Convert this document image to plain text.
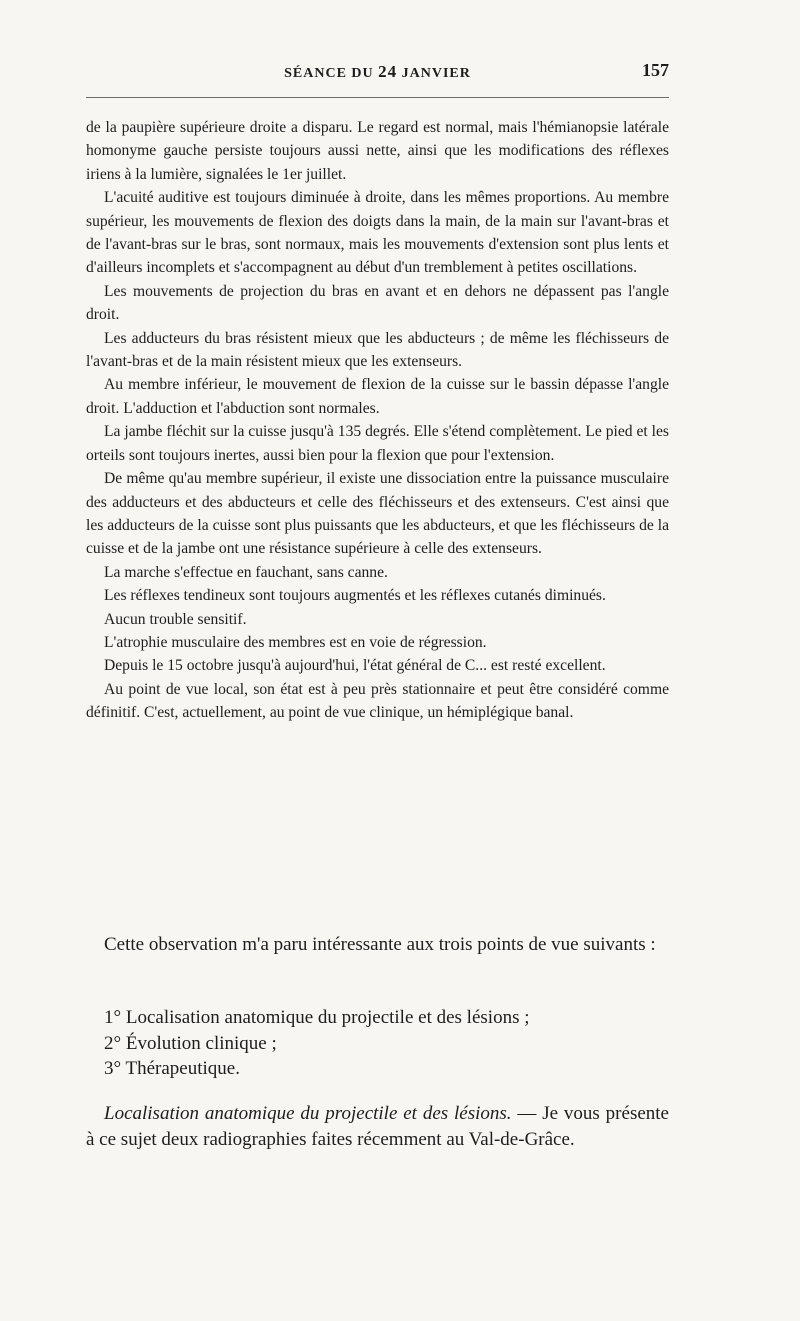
SÉANCE DU 24 JANVIER	157

de la paupière supérieure droite a disparu. Le regard est normal, mais l'hémianopsie latérale homonyme gauche persiste toujours aussi nette, ainsi que les modifications des réflexes iriens à la lumière, signalées le 1er juillet.

L'acuité auditive est toujours diminuée à droite, dans les mêmes proportions. Au membre supérieur, les mouvements de flexion des doigts dans la main, de la main sur l'avant-bras et de l'avant-bras sur le bras, sont normaux, mais les mouvements d'extension sont plus lents et d'ailleurs incomplets et s'accompagnent au début d'un tremblement à petites oscillations.

Les mouvements de projection du bras en avant et en dehors ne dépassent pas l'angle droit.

Les adducteurs du bras résistent mieux que les abducteurs ; de même les fléchisseurs de l'avant-bras et de la main résistent mieux que les extenseurs.

Au membre inférieur, le mouvement de flexion de la cuisse sur le bassin dépasse l'angle droit. L'adduction et l'abduction sont normales.

La jambe fléchit sur la cuisse jusqu'à 135 degrés. Elle s'étend complètement. Le pied et les orteils sont toujours inertes, aussi bien pour la flexion que pour l'extension.

De même qu'au membre supérieur, il existe une dissociation entre la puissance musculaire des adducteurs et des abducteurs et celle des fléchisseurs et des extenseurs. C'est ainsi que les adducteurs de la cuisse sont plus puissants que les abducteurs, et que les fléchisseurs de la cuisse et de la jambe ont une résistance supérieure à celle des extenseurs.

La marche s'effectue en fauchant, sans canne.

Les réflexes tendineux sont toujours augmentés et les réflexes cutanés diminués.

Aucun trouble sensitif.

L'atrophie musculaire des membres est en voie de régression.

Depuis le 15 octobre jusqu'à aujourd'hui, l'état général de C... est resté excellent.

Au point de vue local, son état est à peu près stationnaire et peut être considéré comme définitif. C'est, actuellement, au point de vue clinique, un hémiplégique banal.

Cette observation m'a paru intéressante aux trois points de vue suivants :

1° Localisation anatomique du projectile et des lésions ;

2° Évolution clinique ;

3° Thérapeutique.

Localisation anatomique du projectile et des lésions. — Je vous présente à ce sujet deux radiographies faites récemment au Val-de-Grâce.
